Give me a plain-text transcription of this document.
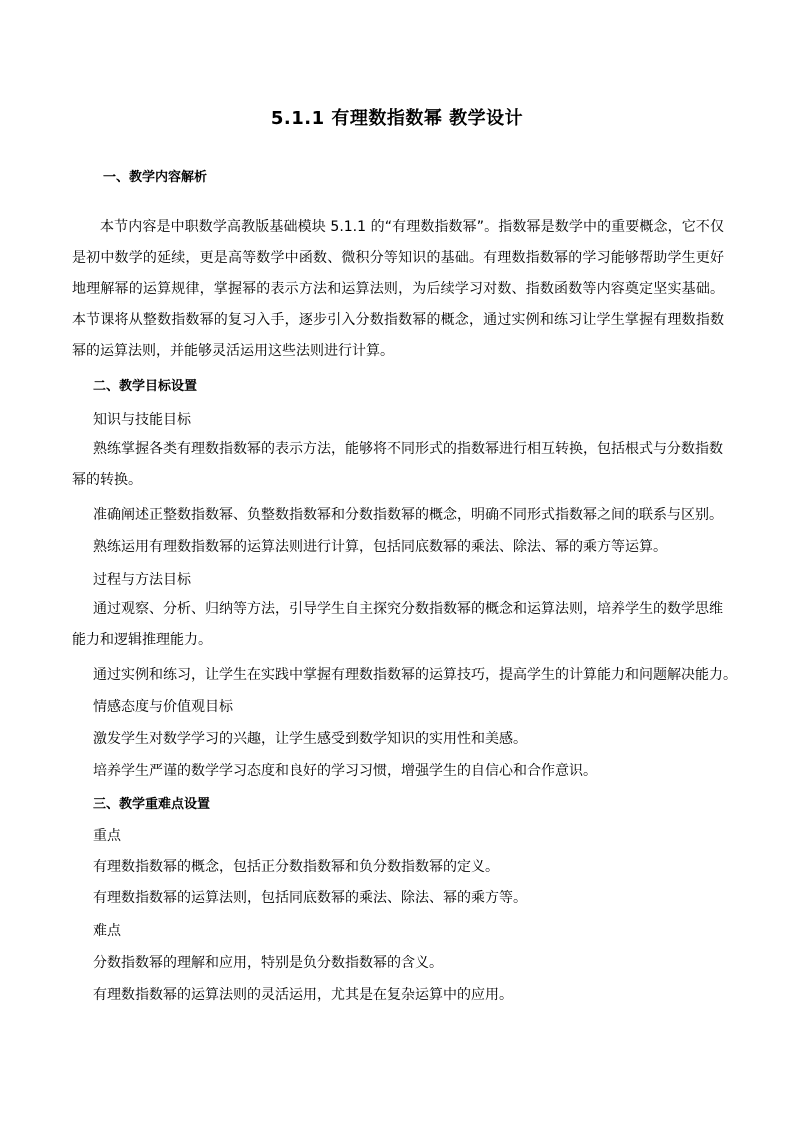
5.1.1 有理数指数幂 教学设计
一、教学内容解析

本节内容是中职数学高教版基础模块 5.1.1 的“有理数指数幂”。指数幂是数学中的重要概念，它不仅是初中数学的延续，更是高等数学中函数、微积分等知识的基础。有理数指数幂的学习能够帮助学生更好地理解幂的运算规律，掌握幂的表示方法和运算法则，为后续学习对数、指数函数等内容奠定坚实基础。本节课将从整数指数幂的复习入手，逐步引入分数指数幂的概念，通过实例和练习让学生掌握有理数指数幂的运算法则，并能够灵活运用这些法则进行计算。

二、教学目标设置
知识与技能目标

熟练掌握各类有理数指数幂的表示方法，能够将不同形式的指数幂进行相互转换，包括根式与分数指数幂的转换。

准确阐述正整数指数幂、负整数指数幂和分数指数幂的概念，明确不同形式指数幂之间的联系与区别。
熟练运用有理数指数幂的运算法则进行计算，包括同底数幂的乘法、除法、幂的乘方等运算。
过程与方法目标

通过观察、分析、归纳等方法，引导学生自主探究分数指数幂的概念和运算法则，培养学生的数学思维能力和逻辑推理能力。

通过实例和练习，让学生在实践中掌握有理数指数幂的运算技巧，提高学生的计算能力和问题解决能力。
情感态度与价值观目标
激发学生对数学学习的兴趣，让学生感受到数学知识的实用性和美感。
培养学生严谨的数学学习态度和良好的学习习惯，增强学生的自信心和合作意识。
三、教学重难点设置
重点
有理数指数幂的概念，包括正分数指数幂和负分数指数幂的定义。
有理数指数幂的运算法则，包括同底数幂的乘法、除法、幂的乘方等。
难点
分数指数幂的理解和应用，特别是负分数指数幂的含义。
有理数指数幂的运算法则的灵活运用，尤其是在复杂运算中的应用。
